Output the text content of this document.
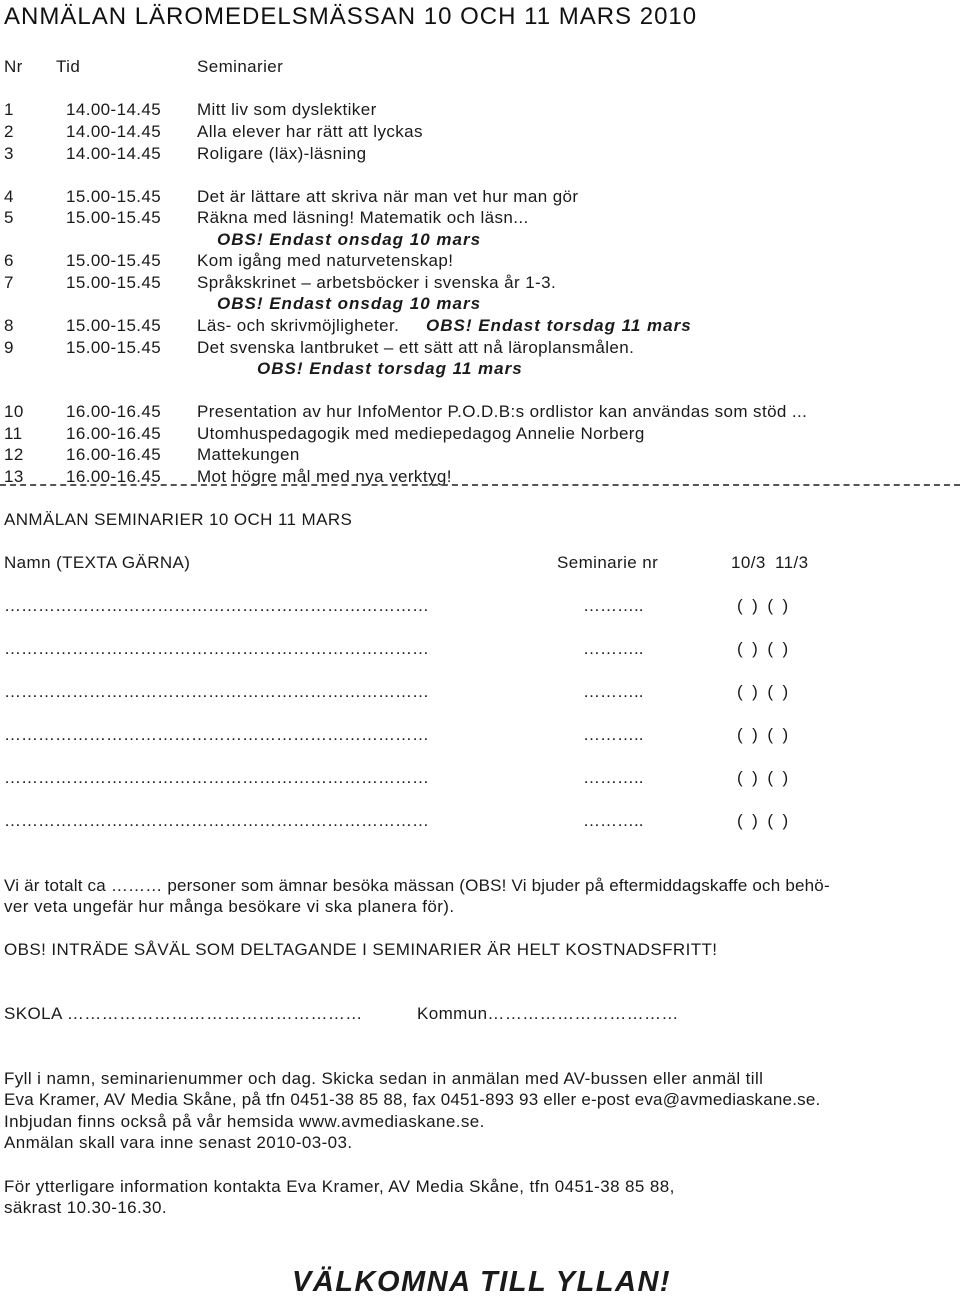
ANMÄLAN LÄROMEDELSMÄSSAN 10 OCH 11 MARS 2010
Nr Tid	Seminarier
1	14.00-14.45 Mitt liv som dyslektiker
2	14.00-14.45 Alla elever har rätt att lyckas
3	14.00-14.45 Roligare (läx)-läsning
4	15.00-15.45 Det är lättare att skriva när man vet hur man gör
5	15.00-15.45 Räkna med läsning! Matematik och läsn...
OBS! Endast onsdag 10 mars
6	15.00-15.45 Kom igång med naturvetenskap!
7	15.00-15.45 Språkskrinet – arbetsböcker i svenska år 1-3.
OBS! Endast onsdag 10 mars
8	15.00-15.45 Läs- och skrivmöjligheter. OBS! Endast torsdag 11 mars
9	15.00-15.45 Det svenska lantbruket – ett sätt att nå läroplansmålen.
OBS! Endast torsdag 11 mars
10 16.00-16.45 Presentation av hur InfoMentor P.O.D.B:s ordlistor kan användas som stöd ...
11	16.00-16.45 Utomhuspedagogik med mediepedagog Annelie Norberg
12 16.00-16.45 Mattekungen
13 16.00-16.45 Mot högre mål med nya verktyg!
ANMÄLAN SEMINARIER 10 OCH 11 MARS
Namn (TEXTA GÄRNA)	Seminarie nr	10/3 11/3
…………………………………………………………………	………..	( ) ( )
…………………………………………………………………	………..	( ) ( )
…………………………………………………………………	………..	( ) ( )
…………………………………………………………………	………..	( ) ( )
…………………………………………………………………	………..	( ) ( )
…………………………………………………………………	………..	( ) ( )
Vi är totalt ca ……… personer som ämnar besöka mässan (OBS! Vi bjuder på eftermiddagskaffe och behö-
ver veta ungefär hur många besökare vi ska planera för).
OBS! INTRÄDE SÅVÄL SOM DELTAGANDE I SEMINARIER ÄR HELT KOSTNADSFRITT!
SKOLA ……………………………………………	Kommun……………………………
Fyll i namn, seminarienummer och dag. Skicka sedan in anmälan med AV-bussen eller anmäl till
Eva Kramer, AV Media Skåne, på tfn 0451-38 85 88, fax 0451-893 93 eller e-post eva@avmediaskane.se.
Inbjudan finns också på vår hemsida www.avmediaskane.se.
Anmälan skall vara inne senast 2010-03-03.
För ytterligare information kontakta Eva Kramer, AV Media Skåne, tfn 0451-38 85 88,
säkrast 10.30-16.30.
VÄLKOMNA TILL YLLAN!
